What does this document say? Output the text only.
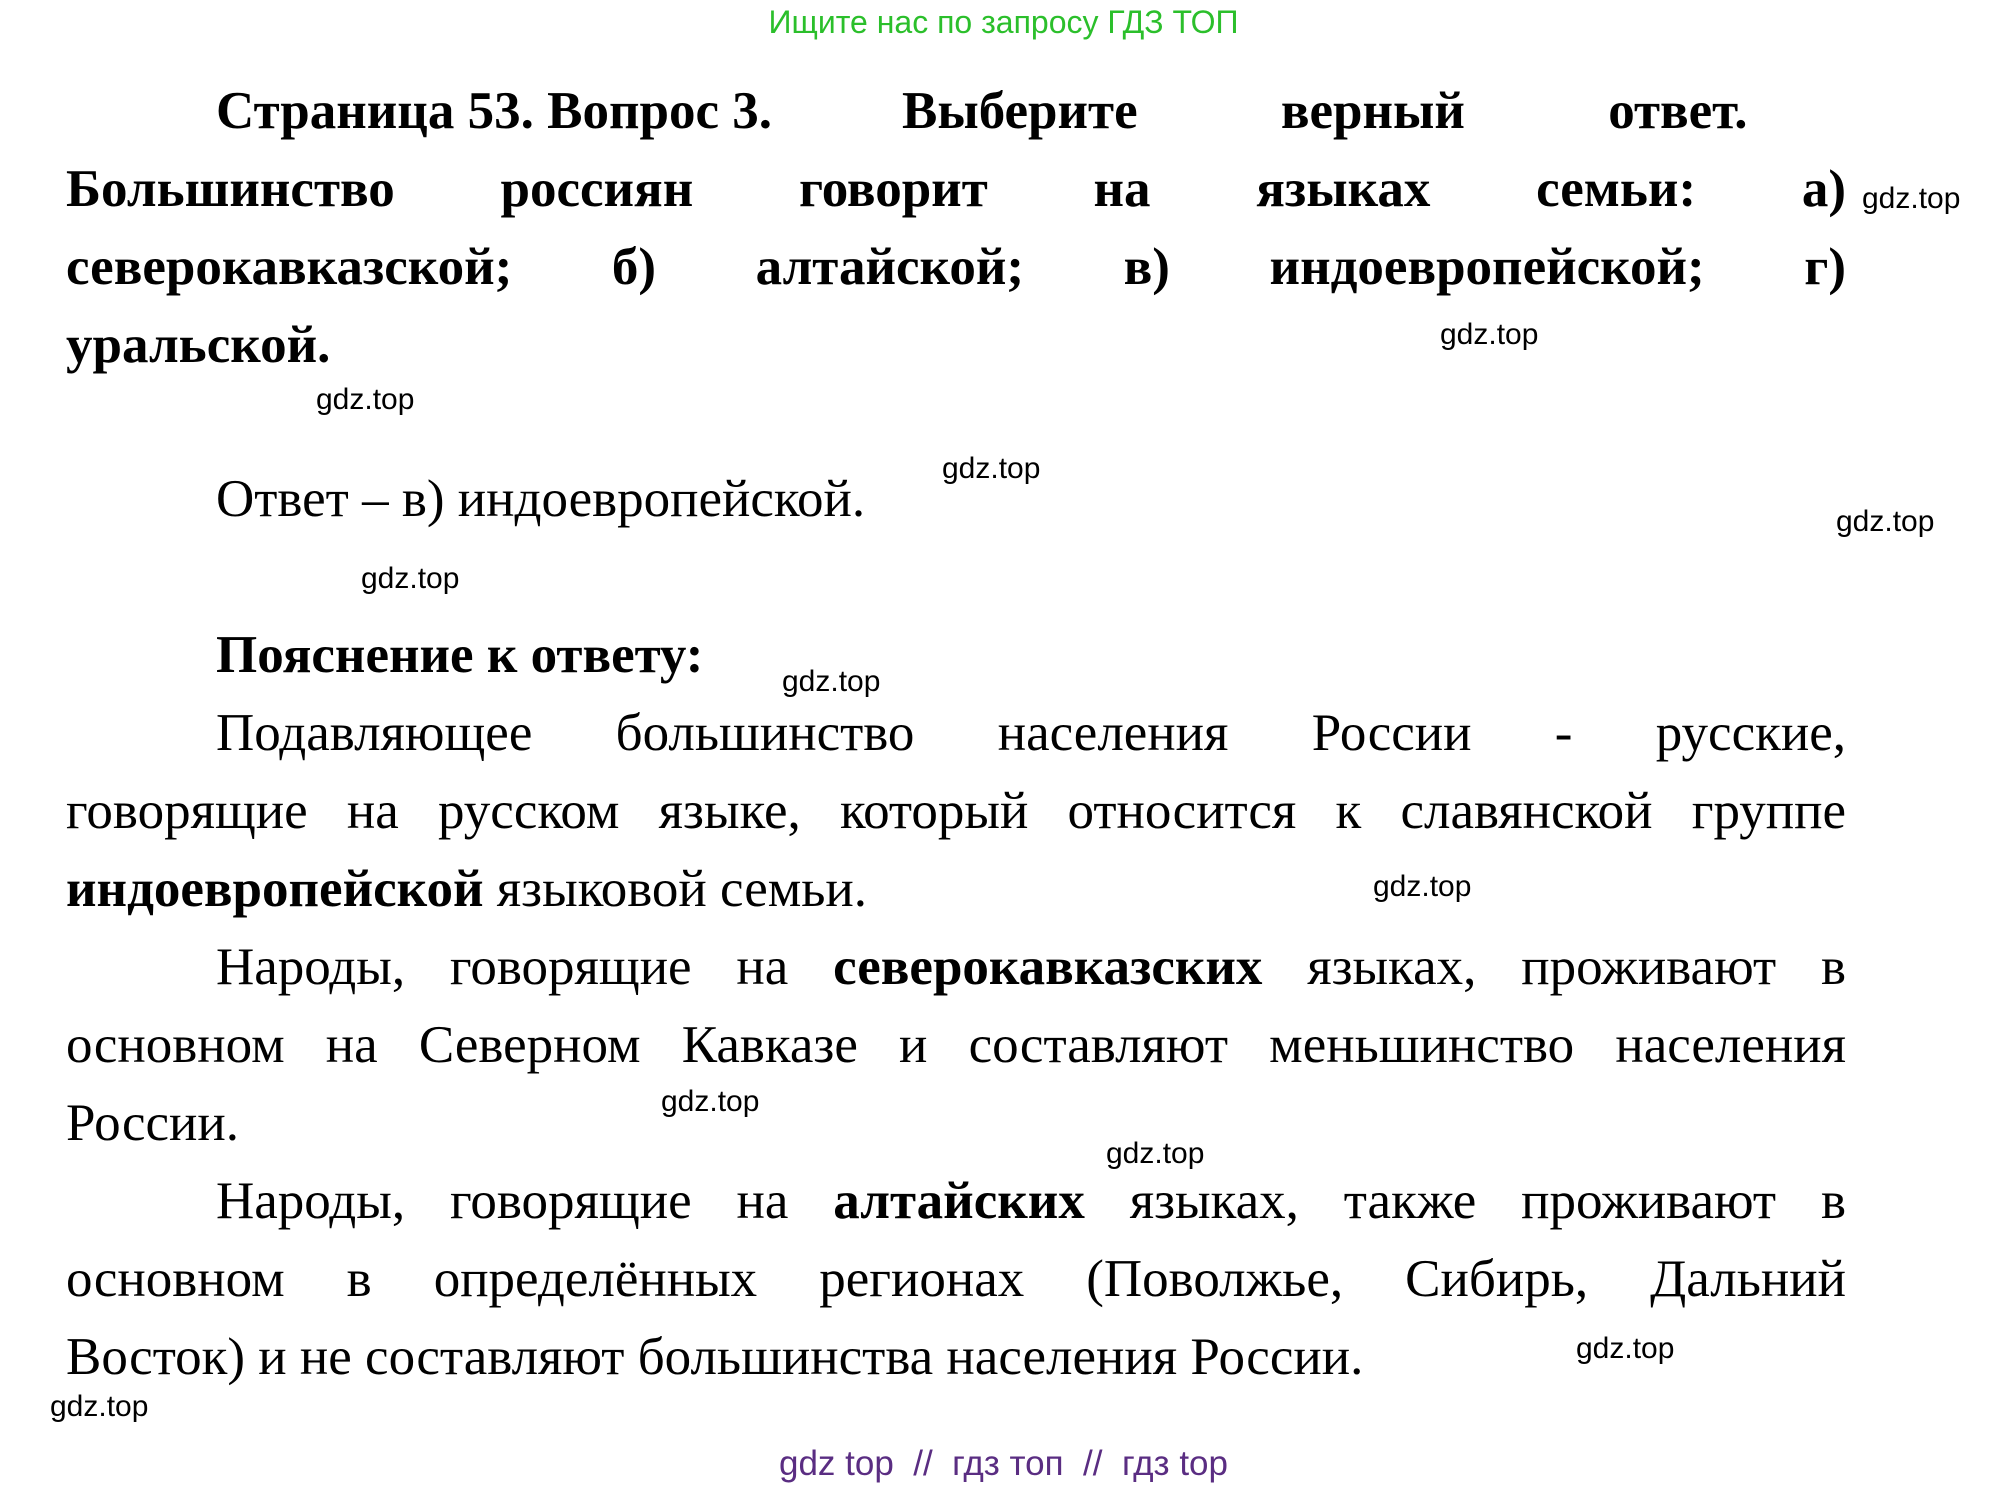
Ищите нас по запросу ГДЗ ТОП
Страница 53. Вопрос 3. Выберите верный ответ.
Большинство россиян говорит на языках семьи: а)
северокавказской; б) алтайской; в) индоевропейской; г)
уральской.
Ответ – в) индоевропейской.
Пояснение к ответу:
Подавляющее большинство населения России - русские,
говорящие на русском языке, который относится к славянской группе
индоевропейской языковой семьи.
Народы, говорящие на северокавказских языках, проживают в
основном на Северном Кавказе и составляют меньшинство населения
России.
Народы, говорящие на алтайских языках, также проживают в
основном в определённых регионах (Поволжье, Сибирь, Дальний
Восток) и не составляют большинства населения России.
gdz.top
gdz.top
gdz.top
gdz.top
gdz.top
gdz.top
gdz.top
gdz.top
gdz.top
gdz.top
gdz.top
gdz.top
gdz top  //  гдз топ  //  гдз top
